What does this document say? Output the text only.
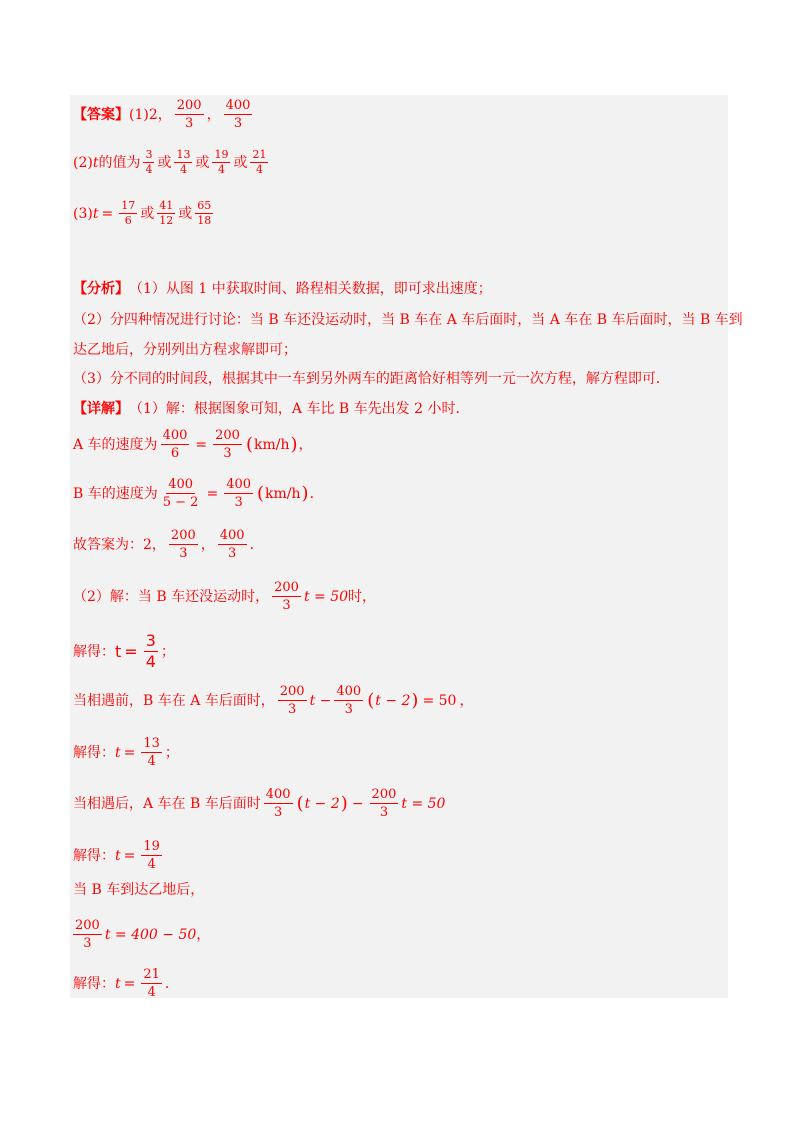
【答案】 (1)2， $\frac{200}{3}$ ， $\frac{400}{3}$
(2) t 的值为 $\frac{3}{4}$ 或 $\frac{13}{4}$ 或 $\frac{19}{4}$ 或 $\frac{21}{4}$
(3) $t = \frac{17}{6}$ 或 $\frac{41}{12}$ 或 $\frac{65}{18}$
【分析】 （1）从图 1 中获取时间、路程相关数据，即可求出速度；
（2）分四种情况进行讨论：当 B 车还没运动时，当 B 车在 A 车后面时，当 A 车在 B 车后面时，当 B 车到
达乙地后，分别列出方程求解即可；
（3）分不同的时间段，根据其中一车到另外两车的距离恰好相等列一元一次方程，解方程即可．
【详解】 （1）解：根据图象可知，A 车比 B 车先出发 2 小时．
A 车的速度为 $\frac{400}{6} = \frac{200}{3}$ ( km/h ) ，
B 车的速度为 $\frac{400}{5 - 2} = \frac{400}{3}$ ( km/h ) ．
故答案为：2， $\frac{200}{3}$ ， $\frac{400}{3}$ ．
（2）解：当 B 车还没运动时， $\frac{200}{3}$ t = 50 时，
解得： $t = \frac{3}{4}$ ；
当相遇前，B 车在 A 车后面时， $\frac{200}{3}$ $t - \frac{400}{3}$ ( t − 2 ) = 50 ，
解得： $t = \frac{13}{4}$ ；
当相遇后，A 车在 B 车后面时 $\frac{400}{3}$ ( t − 2 ) − $\frac{200}{3}$ t = 50
解得： $t = \frac{19}{4}$
当 B 车到达乙地后，
$\frac{200}{3}$ t = 400 − 50 ，
解得： $t = \frac{21}{4}$ ．
